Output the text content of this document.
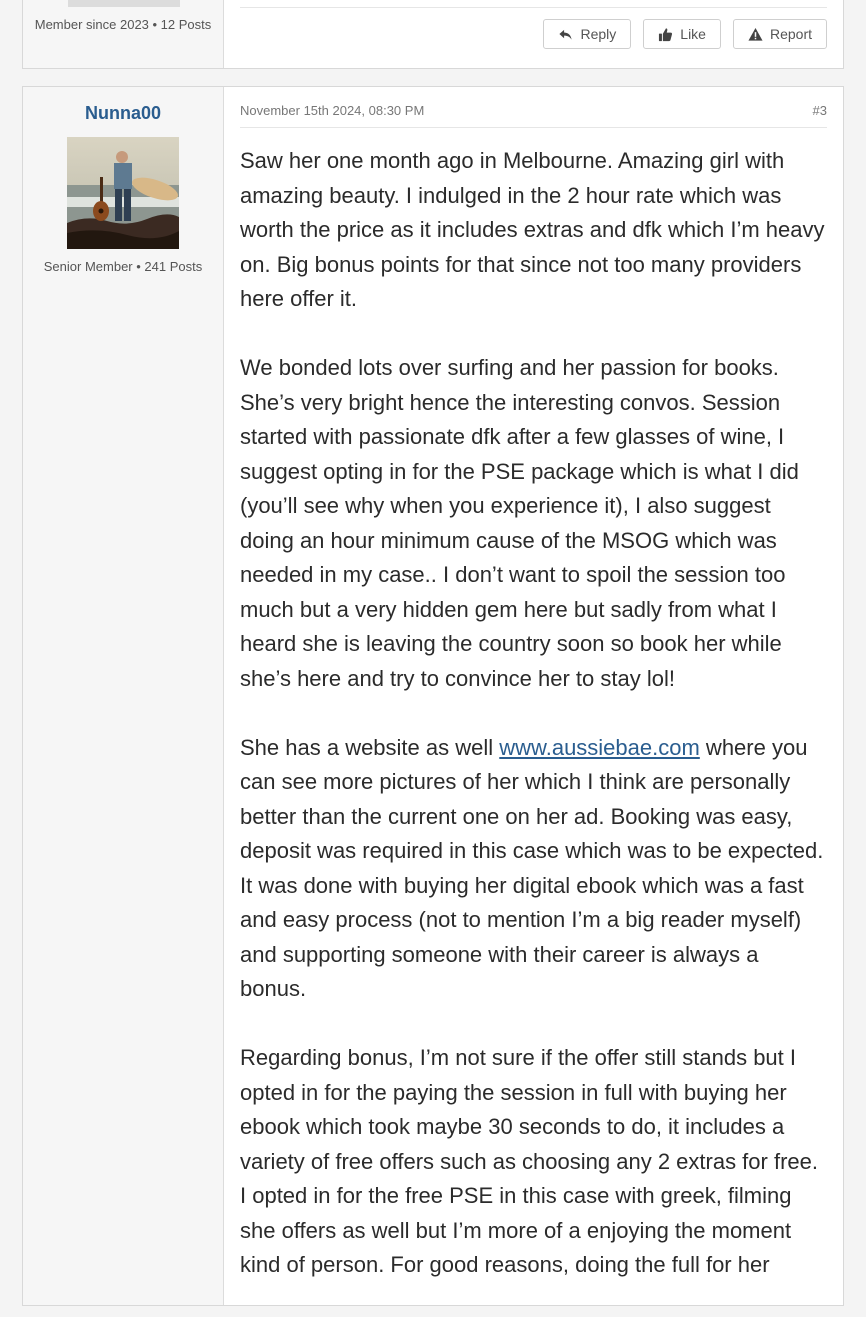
Member since 2023 • 12 Posts
Reply	Like	Report
Nunna00
Senior Member • 241 Posts
November 15th 2024, 08:30 PM	#3

Saw her one month ago in Melbourne. Amazing girl with amazing beauty. I indulged in the 2 hour rate which was worth the price as it includes extras and dfk which I’m heavy on. Big bonus points for that since not too many providers here offer it.

We bonded lots over surfing and her passion for books. She’s very bright hence the interesting convos. Session started with passionate dfk after a few glasses of wine, I suggest opting in for the PSE package which is what I did (you’ll see why when you experience it), I also suggest doing an hour minimum cause of the MSOG which was needed in my case.. I don’t want to spoil the session too much but a very hidden gem here but sadly from what I heard she is leaving the country soon so book her while she’s here and try to convince her to stay lol!

She has a website as well www.aussiebae.com where you can see more pictures of her which I think are personally better than the current one on her ad. Booking was easy, deposit was required in this case which was to be expected. It was done with buying her digital ebook which was a fast and easy process (not to mention I’m a big reader myself) and supporting someone with their career is always a bonus.

Regarding bonus, I’m not sure if the offer still stands but I opted in for the paying the session in full with buying her ebook which took maybe 30 seconds to do, it includes a variety of free offers such as choosing any 2 extras for free. I opted in for the free PSE in this case with greek, filming she offers as well but I’m more of a enjoying the moment kind of person. For good reasons, doing the full for her
